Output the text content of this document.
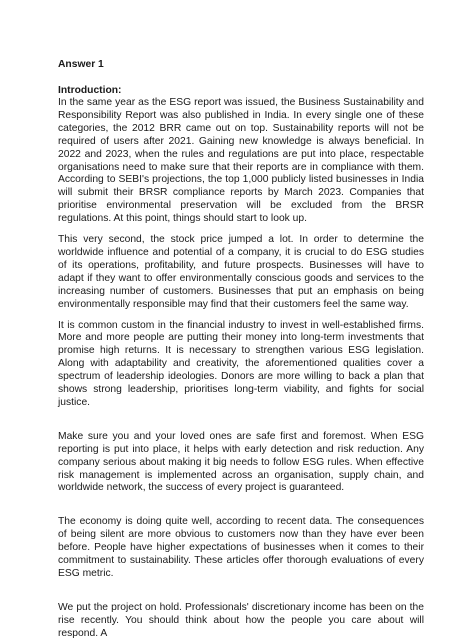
Answer 1

Introduction:

In the same year as the ESG report was issued, the Business Sustainability and Responsibility Report was also published in India. In every single one of these categories, the 2012 BRR came out on top. Sustainability reports will not be required of users after 2021. Gaining new knowledge is always beneficial. In 2022 and 2023, when the rules and regulations are put into place, respectable organisations need to make sure that their reports are in compliance with them. According to SEBI's projections, the top 1,000 publicly listed businesses in India will submit their BRSR compliance reports by March 2023. Companies that prioritise environmental preservation will be excluded from the BRSR regulations. At this point, things should start to look up.

This very second, the stock price jumped a lot. In order to determine the worldwide influence and potential of a company, it is crucial to do ESG studies of its operations, profitability, and future prospects. Businesses will have to adapt if they want to offer environmentally conscious goods and services to the increasing number of customers. Businesses that put an emphasis on being environmentally responsible may find that their customers feel the same way.

It is common custom in the financial industry to invest in well-established firms. More and more people are putting their money into long-term investments that promise high returns. It is necessary to strengthen various ESG legislation. Along with adaptability and creativity, the aforementioned qualities cover a spectrum of leadership ideologies. Donors are more willing to back a plan that shows strong leadership, prioritises long-term viability, and fights for social justice.

Make sure you and your loved ones are safe first and foremost. When ESG reporting is put into place, it helps with early detection and risk reduction. Any company serious about making it big needs to follow ESG rules. When effective risk management is implemented across an organisation, supply chain, and worldwide network, the success of every project is guaranteed.

The economy is doing quite well, according to recent data. The consequences of being silent are more obvious to customers now than they have ever been before. People have higher expectations of businesses when it comes to their commitment to sustainability. These articles offer thorough evaluations of every ESG metric.

We put the project on hold. Professionals' discretionary income has been on the rise recently. You should think about how the people you care about will respond. A
